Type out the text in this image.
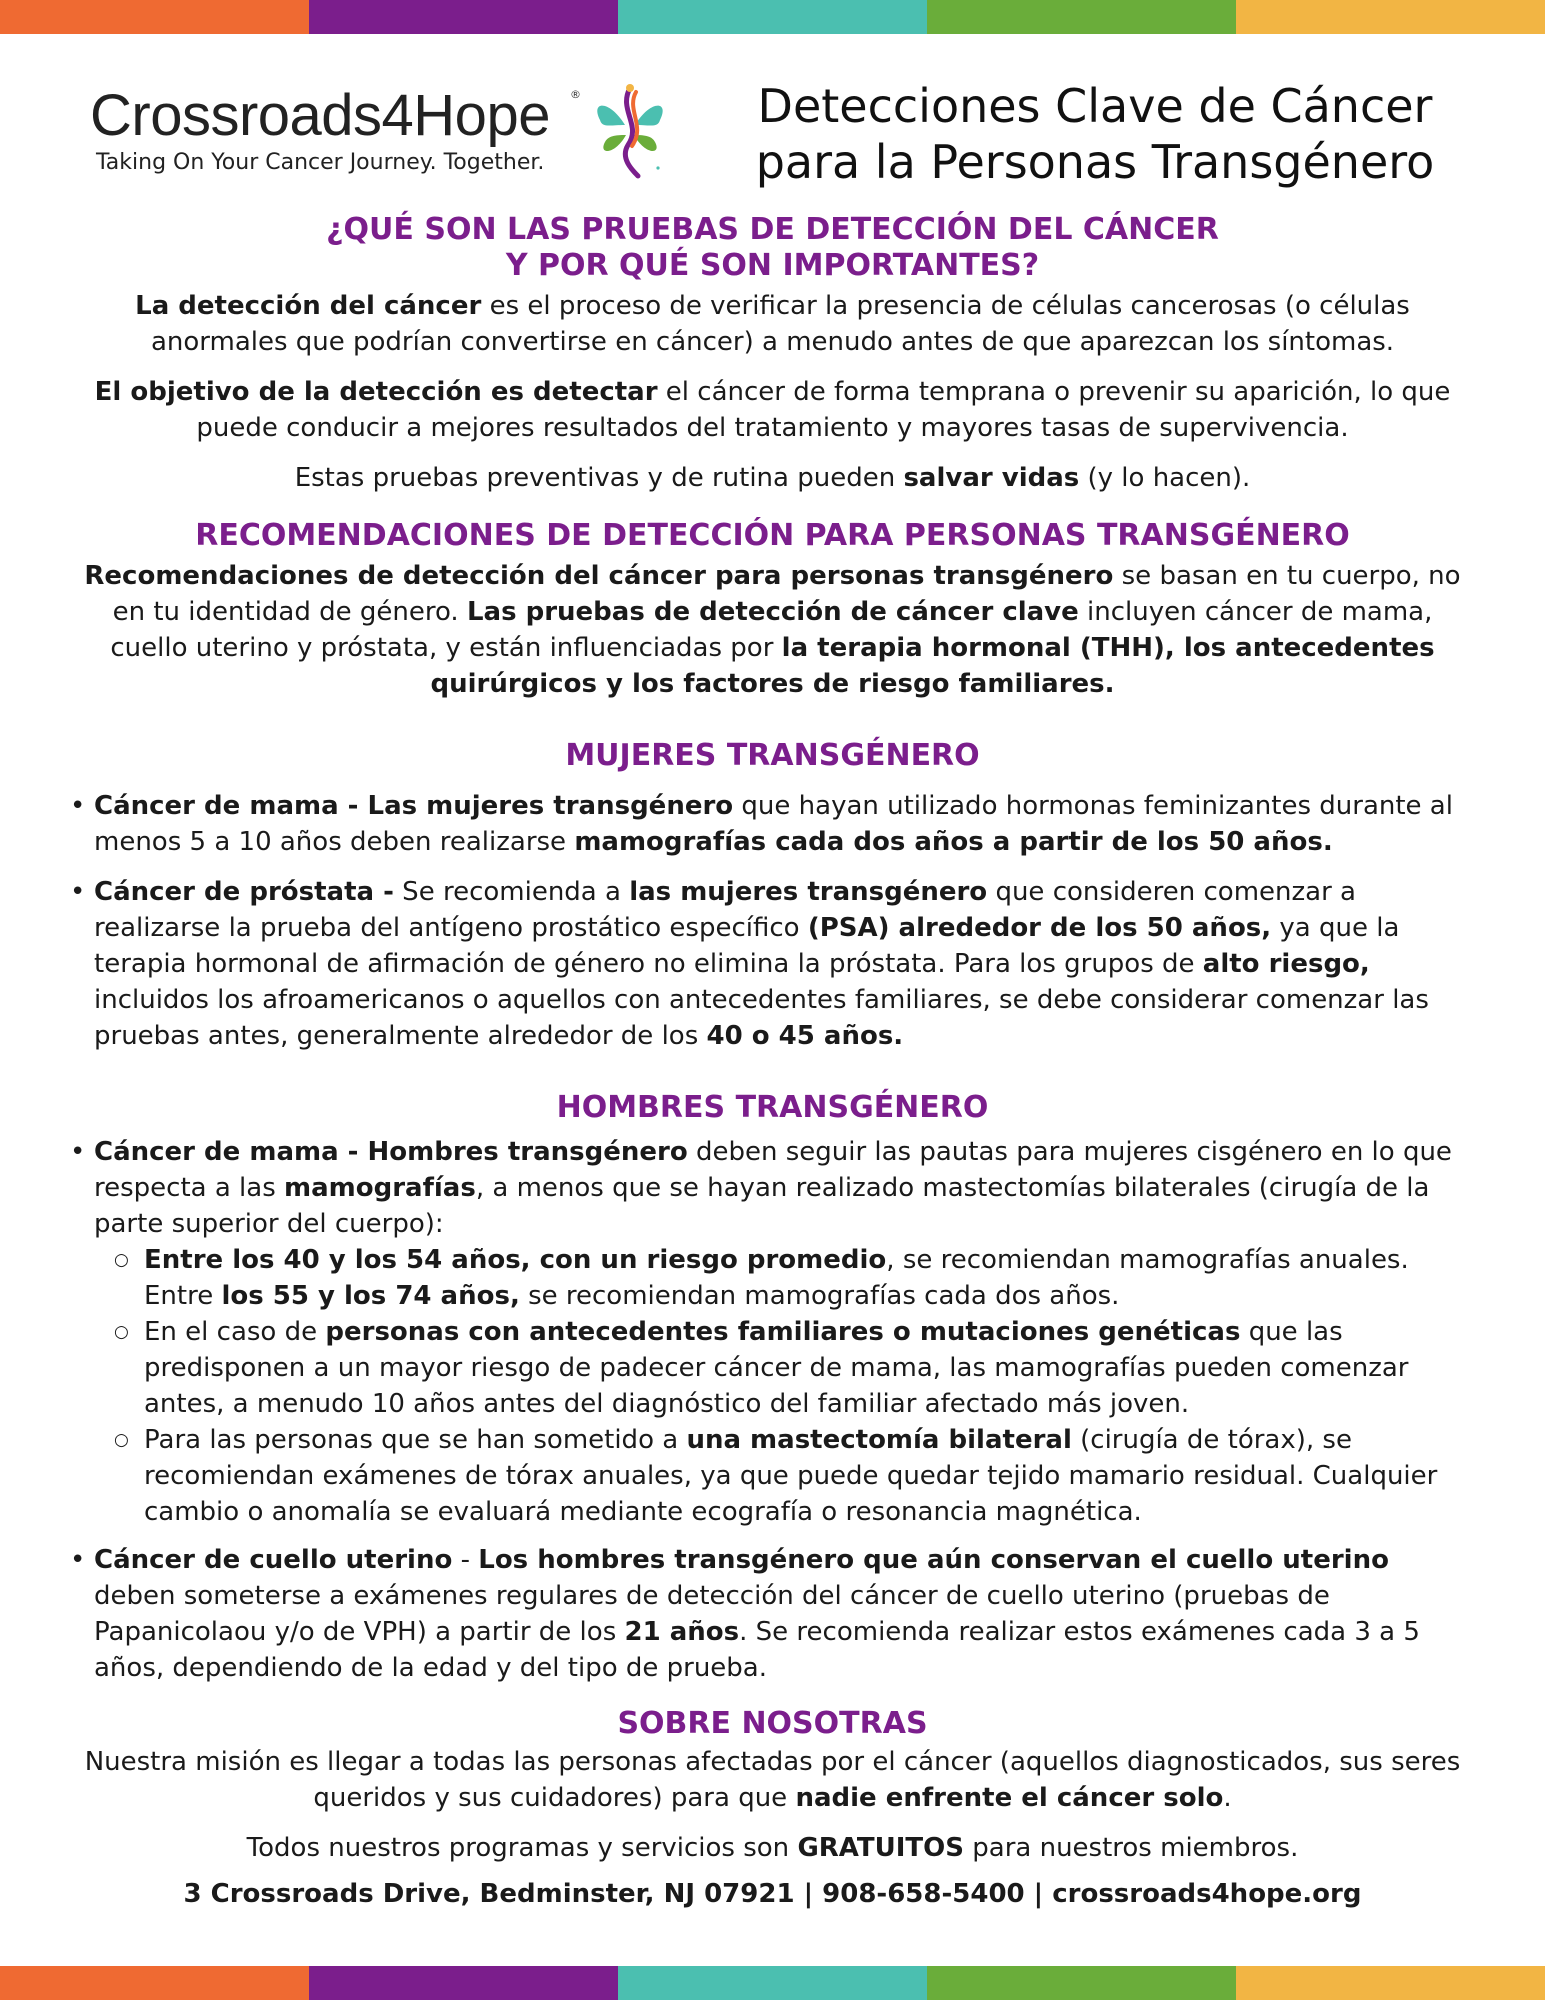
Crossroads4Hope ®
Taking On Your Cancer Journey. Together.
Detecciones Clave de Cáncer
para la Personas Transgénero
¿QUÉ SON LAS PRUEBAS DE DETECCIÓN DEL CÁNCER
Y POR QUÉ SON IMPORTANTES?

La detección del cáncer es el proceso de verificar la presencia de células cancerosas (o células anormales que podrían convertirse en cáncer) a menudo antes de que aparezcan los síntomas.

El objetivo de la detección es detectar el cáncer de forma temprana o prevenir su aparición, lo que puede conducir a mejores resultados del tratamiento y mayores tasas de supervivencia.

Estas pruebas preventivas y de rutina pueden salvar vidas (y lo hacen).

RECOMENDACIONES DE DETECCIÓN PARA PERSONAS TRANSGÉNERO

Recomendaciones de detección del cáncer para personas transgénero se basan en tu cuerpo, no en tu identidad de género. Las pruebas de detección de cáncer clave incluyen cáncer de mama, cuello uterino y próstata, y están influenciadas por la terapia hormonal (THH), los antecedentes quirúrgicos y los factores de riesgo familiares.

MUJERES TRANSGÉNERO
• Cáncer de mama - Las mujeres transgénero que hayan utilizado hormonas feminizantes durante al menos 5 a 10 años deben realizarse mamografías cada dos años a partir de los 50 años.
• Cáncer de próstata - Se recomienda a las mujeres transgénero que consideren comenzar a realizarse la prueba del antígeno prostático específico (PSA) alrededor de los 50 años, ya que la terapia hormonal de afirmación de género no elimina la próstata. Para los grupos de alto riesgo, incluidos los afroamericanos o aquellos con antecedentes familiares, se debe considerar comenzar las pruebas antes, generalmente alrededor de los 40 o 45 años.
HOMBRES TRANSGÉNERO
• Cáncer de mama - Hombres transgénero deben seguir las pautas para mujeres cisgénero en lo que respecta a las mamografías, a menos que se hayan realizado mastectomías bilaterales (cirugía de la parte superior del cuerpo):
○ Entre los 40 y los 54 años, con un riesgo promedio, se recomiendan mamografías anuales. Entre los 55 y los 74 años, se recomiendan mamografías cada dos años.
○ En el caso de personas con antecedentes familiares o mutaciones genéticas que las predisponen a un mayor riesgo de padecer cáncer de mama, las mamografías pueden comenzar antes, a menudo 10 años antes del diagnóstico del familiar afectado más joven.
○ Para las personas que se han sometido a una mastectomía bilateral (cirugía de tórax), se recomiendan exámenes de tórax anuales, ya que puede quedar tejido mamario residual. Cualquier cambio o anomalía se evaluará mediante ecografía o resonancia magnética.
• Cáncer de cuello uterino - Los hombres transgénero que aún conservan el cuello uterino deben someterse a exámenes regulares de detección del cáncer de cuello uterino (pruebas de Papanicolaou y/o de VPH) a partir de los 21 años. Se recomienda realizar estos exámenes cada 3 a 5 años, dependiendo de la edad y del tipo de prueba.
SOBRE NOSOTRAS

Nuestra misión es llegar a todas las personas afectadas por el cáncer (aquellos diagnosticados, sus seres queridos y sus cuidadores) para que nadie enfrente el cáncer solo.

Todos nuestros programas y servicios son GRATUITOS para nuestros miembros.

3 Crossroads Drive, Bedminster, NJ 07921 | 908-658-5400 | crossroads4hope.org
